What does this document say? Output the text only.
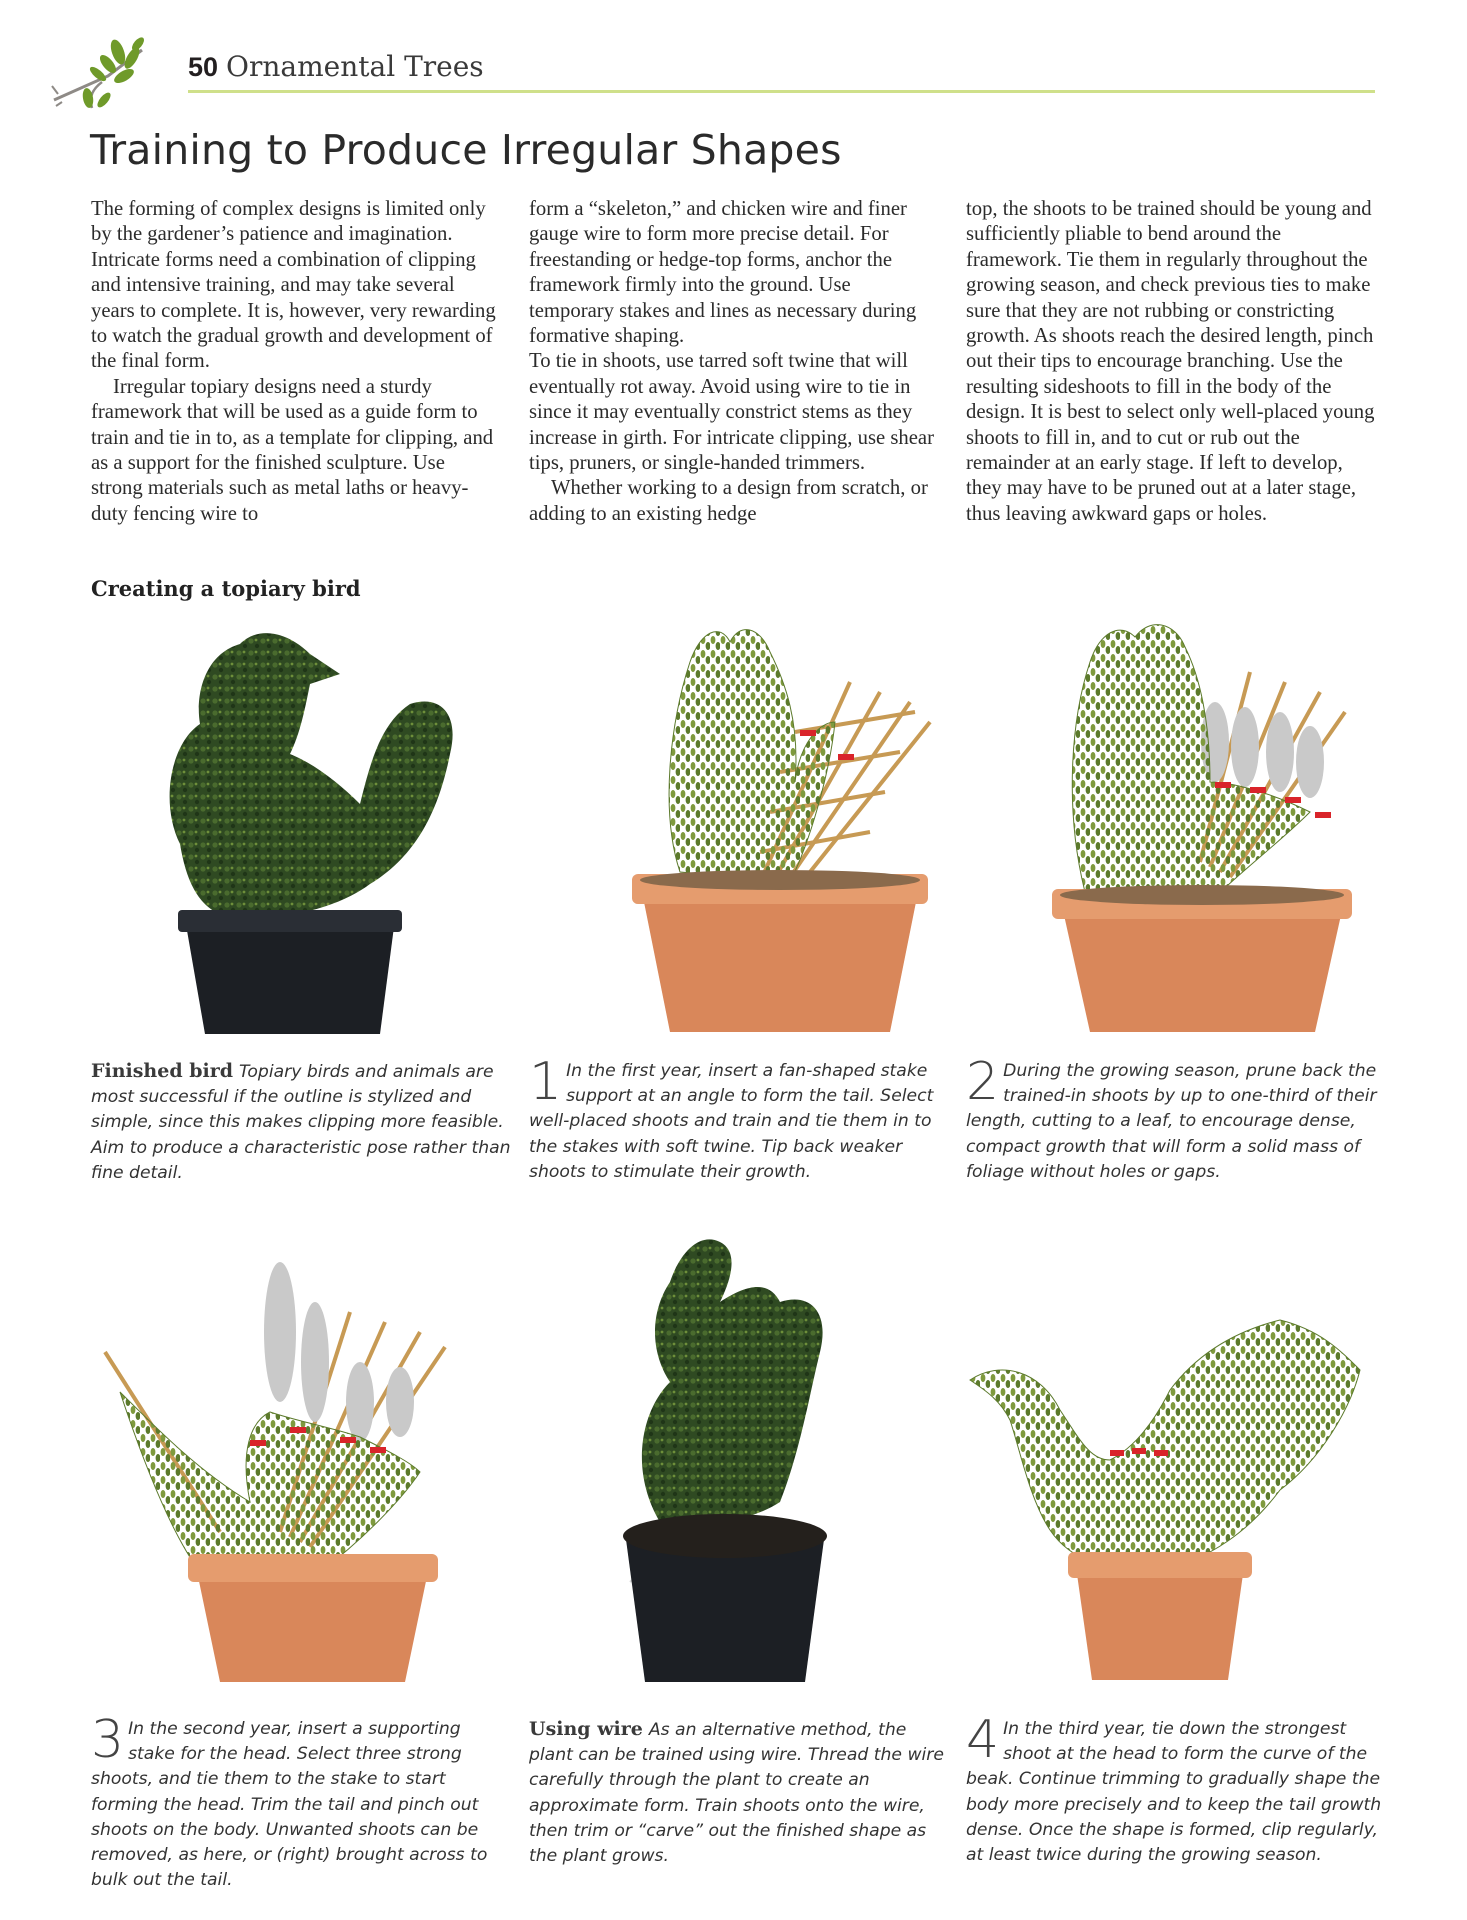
50 Ornamental Trees
Training to Produce Irregular Shapes

The forming of complex designs is limited only by the gardener’s patience and imagination. Intricate forms need a combination of clipping and intensive training, and may take several years to complete. It is, however, very rewarding to watch the gradual growth and development of the final form.

Irregular topiary designs need a sturdy framework that will be used as a guide form to train and tie in to, as a template for clipping, and as a support for the finished sculpture. Use strong materials such as metal laths or heavy-duty fencing wire to

form a “skeleton,” and chicken wire and finer gauge wire to form more precise detail. For freestanding or hedge-top forms, anchor the framework firmly into the ground. Use temporary stakes and lines as necessary during formative shaping.

To tie in shoots, use tarred soft twine that will eventually rot away. Avoid using wire to tie in since it may eventually constrict stems as they increase in girth. For intricate clipping, use shear tips, pruners, or single-handed trimmers.

Whether working to a design from scratch, or adding to an existing hedge

top, the shoots to be trained should be young and sufficiently pliable to bend around the framework. Tie them in regularly throughout the growing season, and check previous ties to make sure that they are not rubbing or constricting growth. As shoots reach the desired length, pinch out their tips to encourage branching. Use the resulting sideshoots to fill in the body of the design. It is best to select only well-placed young shoots to fill in, and to cut or rub out the remainder at an early stage. If left to develop, they may have to be pruned out at a later stage, thus leaving awkward gaps or holes.

Creating a topiary bird
Finished bird Topiary birds and animals are most successful if the outline is stylized and simple, since this makes clipping more feasible. Aim to produce a characteristic pose rather than fine detail.
1 In the first year, insert a fan-shaped stake support at an angle to form the tail. Select well-placed shoots and train and tie them in to the stakes with soft twine. Tip back weaker shoots to stimulate their growth.
2 During the growing season, prune back the trained-in shoots by up to one-third of their length, cutting to a leaf, to encourage dense, compact growth that will form a solid mass of foliage without holes or gaps.
3 In the second year, insert a supporting stake for the head. Select three strong shoots, and tie them to the stake to start forming the head. Trim the tail and pinch out shoots on the body. Unwanted shoots can be removed, as here, or (right) brought across to bulk out the tail.
Using wire As an alternative method, the plant can be trained using wire. Thread the wire carefully through the plant to create an approximate form. Train shoots onto the wire, then trim or “carve” out the finished shape as the plant grows.
4 In the third year, tie down the strongest shoot at the head to form the curve of the beak. Continue trimming to gradually shape the body more precisely and to keep the tail growth dense. Once the shape is formed, clip regularly, at least twice during the growing season.
